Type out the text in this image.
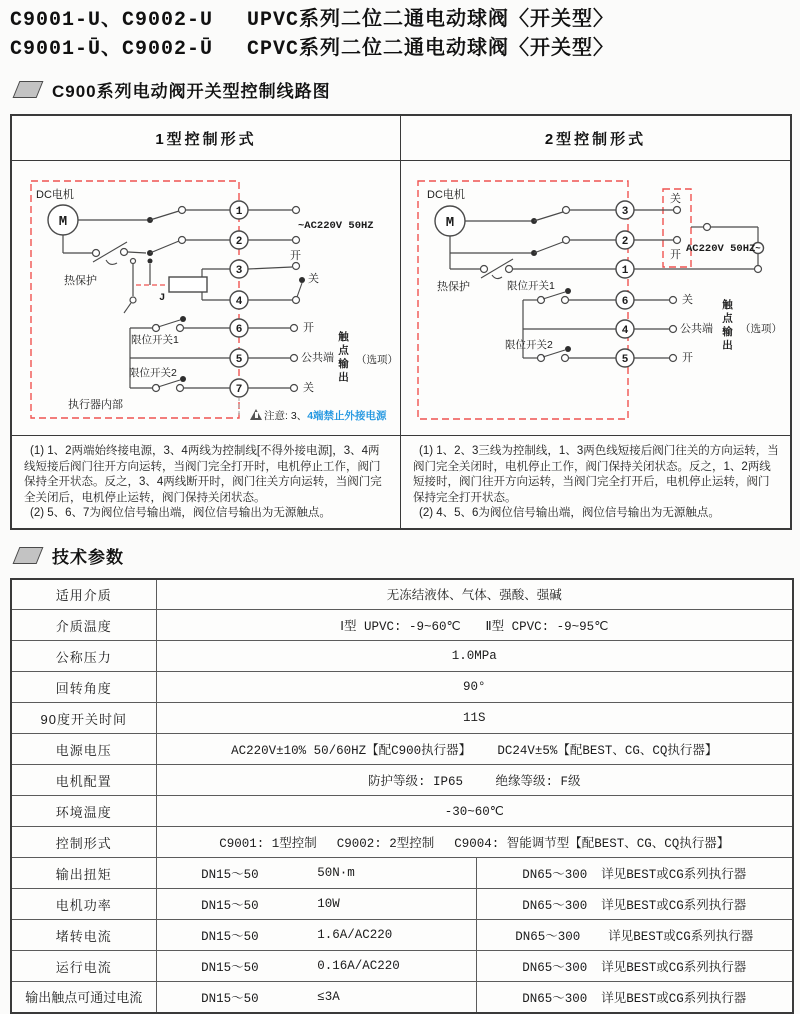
C9001-U、C9002-U　 UPVC系列二位二通电动球阀〈开关型〉
C9001-Ū、C9002-Ū　 CPVC系列二位二通电动球阀〈开关型〉
C900系列电动阀开关型控制线路图
1型控制形式	2型控制形式
M
1
2
3
4
6
5
7
DC电机
热保护
J
~AC220V 50HZ
开
关
限位开关1
限位开关2
开
公共端
关
触点输出 （选项）
执行器内部
注意: 3、4端禁止外接电源
M
3
2
1
6
4
5
~
DC电机
热保护
关
开 AC220V 50HZ
限位开关1
限位开关2
关
公共端
开
触点输出 （选项）

(1) 1、2两端始终接电源，3、4两线为控制线[不得外接电源]，3、4两线短接后阀门往开方向运转，当阀门完全打开时，电机停止工作，阀门保持全开状态。反之，3、4两线断开时，阀门往关方向运转，当阀门完全关闭后，电机停止运转，阀门保持关闭状态。

(2) 5、6、7为阀位信号输出端，阀位信号输出为无源触点。

(1) 1、2、3三线为控制线，1、3两色线短接后阀门往关的方向运转，当阀门完全关闭时，电机停止工作，阀门保持关闭状态。反之，1、2两线短接时，阀门往开方向运转，当阀门完全打开后，电机停止运转，阀门保持完全打开状态。

(2) 4、5、6为阀位信号输出端，阀位信号输出为无源触点。

技术参数
适用介质	无冻结液体、气体、强酸、强碱	
介质温度	Ⅰ型 UPVC: -9~60℃　　Ⅱ型 CPVC: -9~95℃	
公称压力	1.0MPa	
回转角度	90°	
90度开关时间	11S	
电源电压	AC220V±10% 50/60HZ【配C900执行器】　　 DC24V±5%【配BEST、CG、CQ执行器】	
电机配置	防护等级: IP65　　 绝缘等级: F级	
环境温度	-30~60℃	
控制形式	C9001: 1型控制　 C9002: 2型控制　 C9004: 智能调节型【配BEST、CG、CQ执行器】	
输出扭矩	DN15～50 50N·m	DN65～300 详见BEST或CG系列执行器

电机功率	DN15～50 10W	DN65～300 详见BEST或CG系列执行器

堵转电流	DN15～50 1.6A/AC220	DN65～300 详见BEST或CG系列执行器

运行电流	DN15～50 0.16A/AC220	DN65～300 详见BEST或CG系列执行器

输出触点可通过电流	DN15～50 ≤3A	DN65～300 详见BEST或CG系列执行器
